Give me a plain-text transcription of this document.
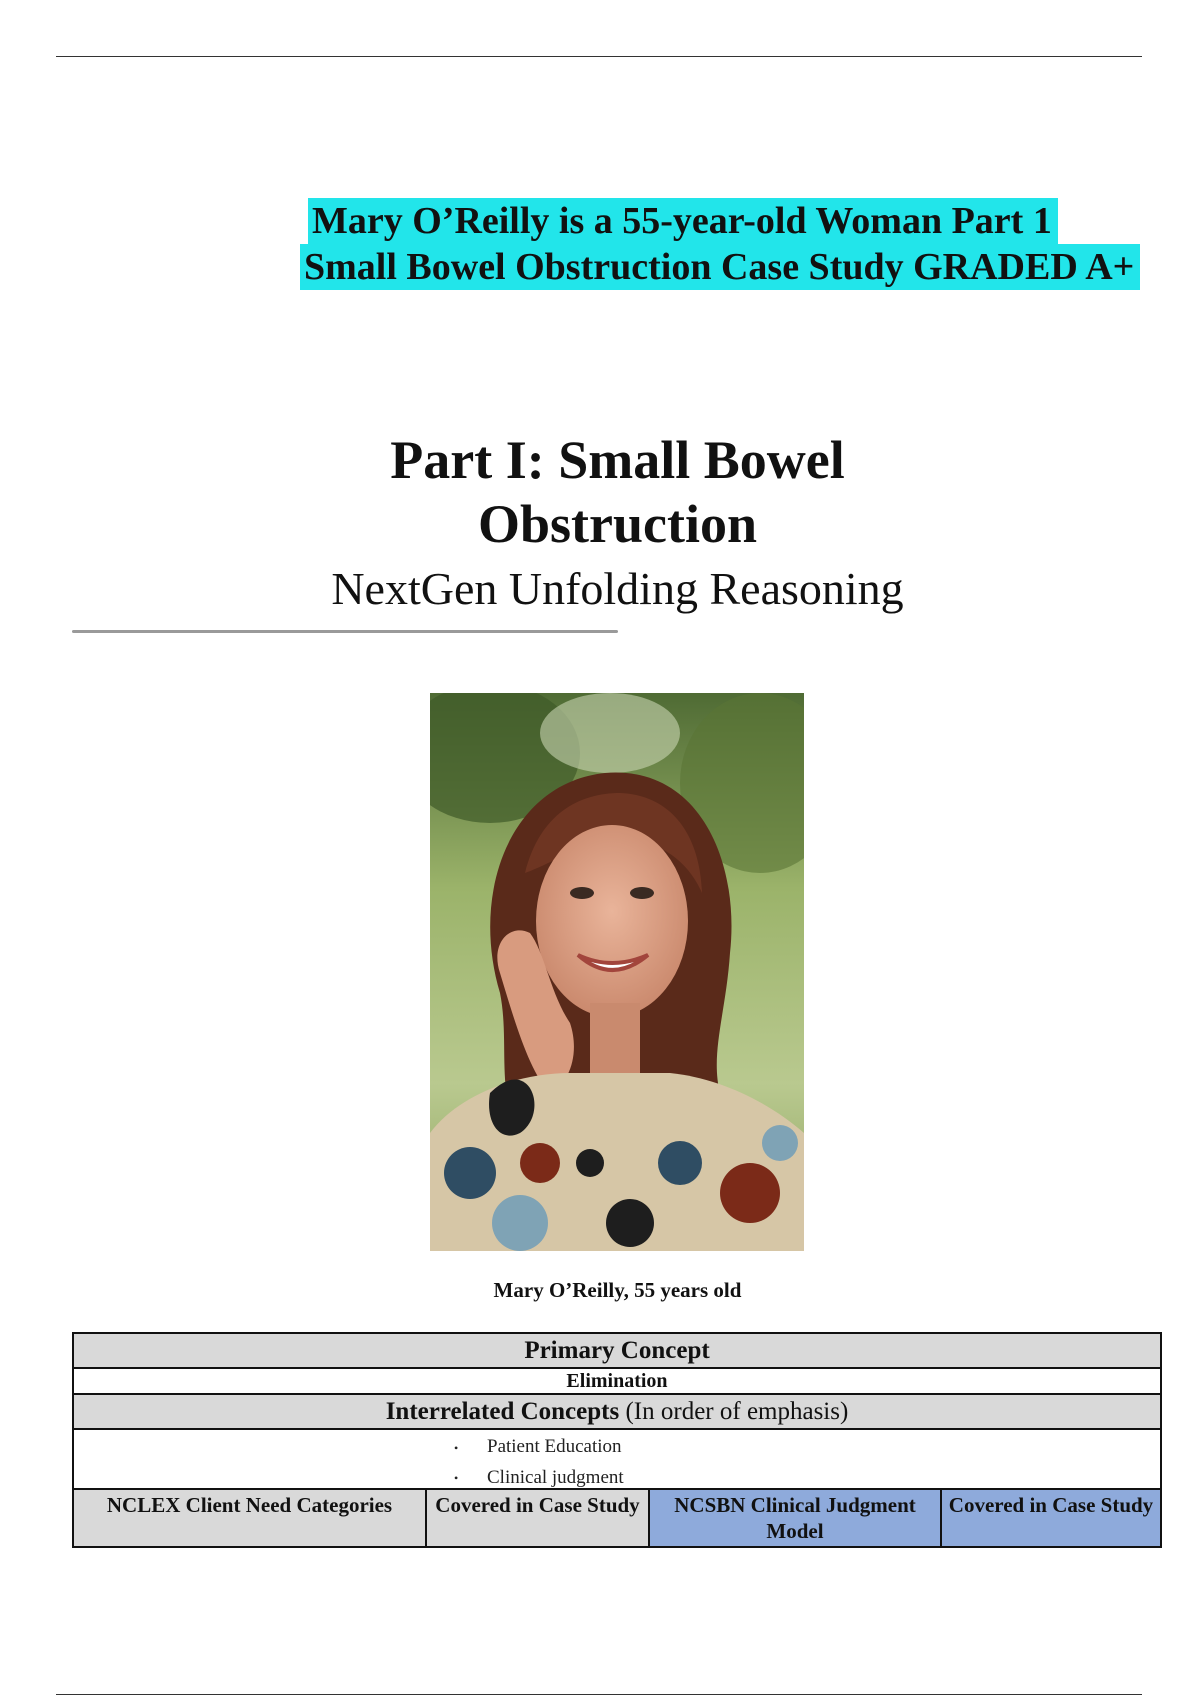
Mary O’Reilly is a 55-year-old Woman Part 1
Small Bowel Obstruction Case Study GRADED A+
Part I: Small Bowel
Obstruction
NextGen Unfolding Reasoning
Mary O’Reilly, 55 years old
Primary Concept
Elimination
Interrelated Concepts (In order of emphasis)
• Patient Education
• Clinical judgment
NCLEX Client Need Categories	Covered in Case Study	NCSBN Clinical Judgment Model
Covered in Case Study
